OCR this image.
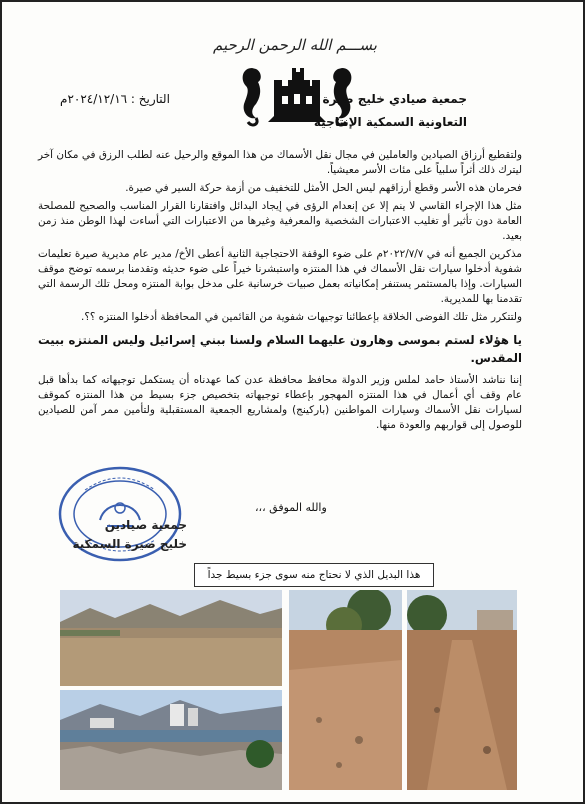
بســـم الله الرحمن الرحيم
التاريخ : ٢٠٢٤/١٢/١٦م	جمعية صيادي خليج صيرة
التعاونية السمكية الإنتاجية

ولتقطيع أرزاق الصيادين والعاملين في مجال نقل الأسماك من هذا الموقع والرحيل عنه لطلب الرزق في مكان آخر ليترك ذلك أثراً سلبياً على مئات الأسر معيشياً.

فحرمان هذه الأسر وقطع أرزاقهم ليس الحل الأمثل للتخفيف من أزمة حركة السير في صيرة.

مثل هذا الإجراء القاسي لا ينم إلا عن إنعدام الرؤى في إيجاد البدائل وافتقارنا القرار المناسب والصحيح للمصلحة العامة دون تأثير أو تغليب الاعتبارات الشخصية والمعرفية وغيرها من الاعتبارات التي أساءت لهذا الوطن منذ زمن بعيد.

مذكرين الجميع أنه في ٢٠٢٢/٧/٧م على ضوء الوقفة الاحتجاجية الثانية أعطى الأخ/ مدير عام مديرية صيرة تعليمات شفوية أدخلوا سيارات نقل الأسماك في هذا المنتزه واستبشرنا خيراً على ضوء حديثه وتقدمنا برسمه توضح موقف السيارات. وإذا بالمستثمر يستنفر إمكانياته بعمل صبيات خرسانية على مدخل بوابة المنتزه ومحل تلك الرسمة التي تقدمنا بها للمديرية.

ولتتكرر مثل تلك الفوضى الخلاقة بإعطائنا توجيهات شفوية من القائمين في المحافظة أدخلوا المنتزه ؟؟.

يا هؤلاء لستم بموسى وهارون عليهما السلام ولسنا ببني إسرائيل وليس المنتزه ببيت المقدس.

إننا نناشد الأستاذ حامد لملس وزير الدولة محافظ محافظة عدن كما عهدناه أن يستكمل توجيهاته كما بدأها قبل عام وقف أي أعمال في هذا المنتزه المهجور بإعطاء توجيهاته بتخصيص جزء بسيط من هذا المنتزه كموقف لسيارات نقل الأسماك وسيارات المواطنين (باركينج) ولمشاريع الجمعية المستقبلية ولتأمين ممر آمن للصيادين للوصول إلى قواربهم والعودة منها.

والله الموفق ،،،
جمعية صيادين
خليج صيرة السمكية
هذا البديل الذي لا نحتاج منه سوى جزء بسيط جداً
